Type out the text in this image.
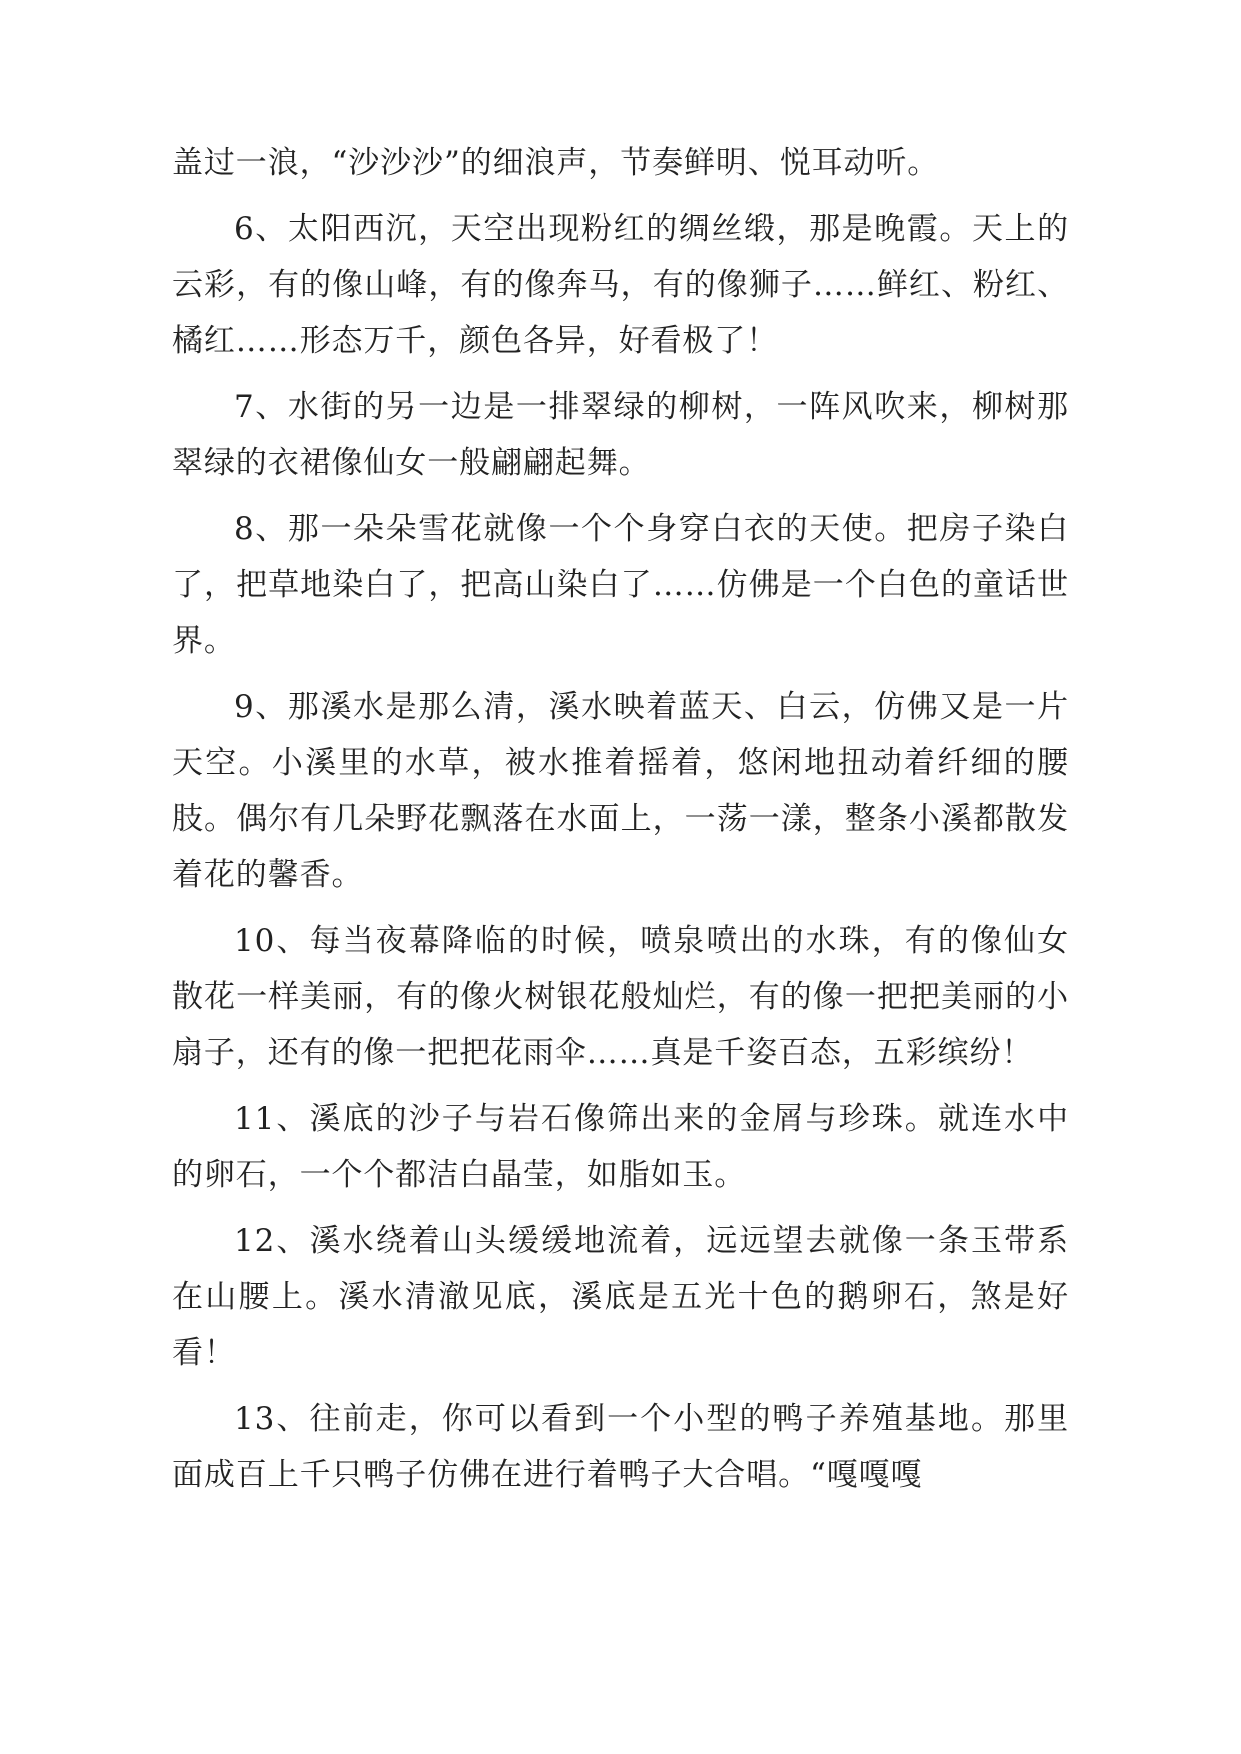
盖过一浪，“沙沙沙”的细浪声，节奏鲜明、悦耳动听。

6、太阳西沉，天空出现粉红的绸丝缎，那是晚霞。天上的云彩，有的像山峰，有的像奔马，有的像狮子……鲜红、粉红、橘红……形态万千，颜色各异，好看极了！

7、水街的另一边是一排翠绿的柳树，一阵风吹来，柳树那翠绿的衣裙像仙女一般翩翩起舞。

8、那一朵朵雪花就像一个个身穿白衣的天使。把房子染白了，把草地染白了，把高山染白了……仿佛是一个白色的童话世界。

9、那溪水是那么清，溪水映着蓝天、白云，仿佛又是一片天空。小溪里的水草，被水推着摇着，悠闲地扭动着纤细的腰肢。偶尔有几朵野花飘落在水面上，一荡一漾，整条小溪都散发着花的馨香。

10、每当夜幕降临的时候，喷泉喷出的水珠，有的像仙女散花一样美丽，有的像火树银花般灿烂，有的像一把把美丽的小扇子，还有的像一把把花雨伞……真是千姿百态，五彩缤纷！

11、溪底的沙子与岩石像筛出来的金屑与珍珠。就连水中的卵石，一个个都洁白晶莹，如脂如玉。

12、溪水绕着山头缓缓地流着，远远望去就像一条玉带系在山腰上。溪水清澈见底，溪底是五光十色的鹅卵石，煞是好看！

13、往前走，你可以看到一个小型的鸭子养殖基地。那里面成百上千只鸭子仿佛在进行着鸭子大合唱。“嘎嘎嘎
